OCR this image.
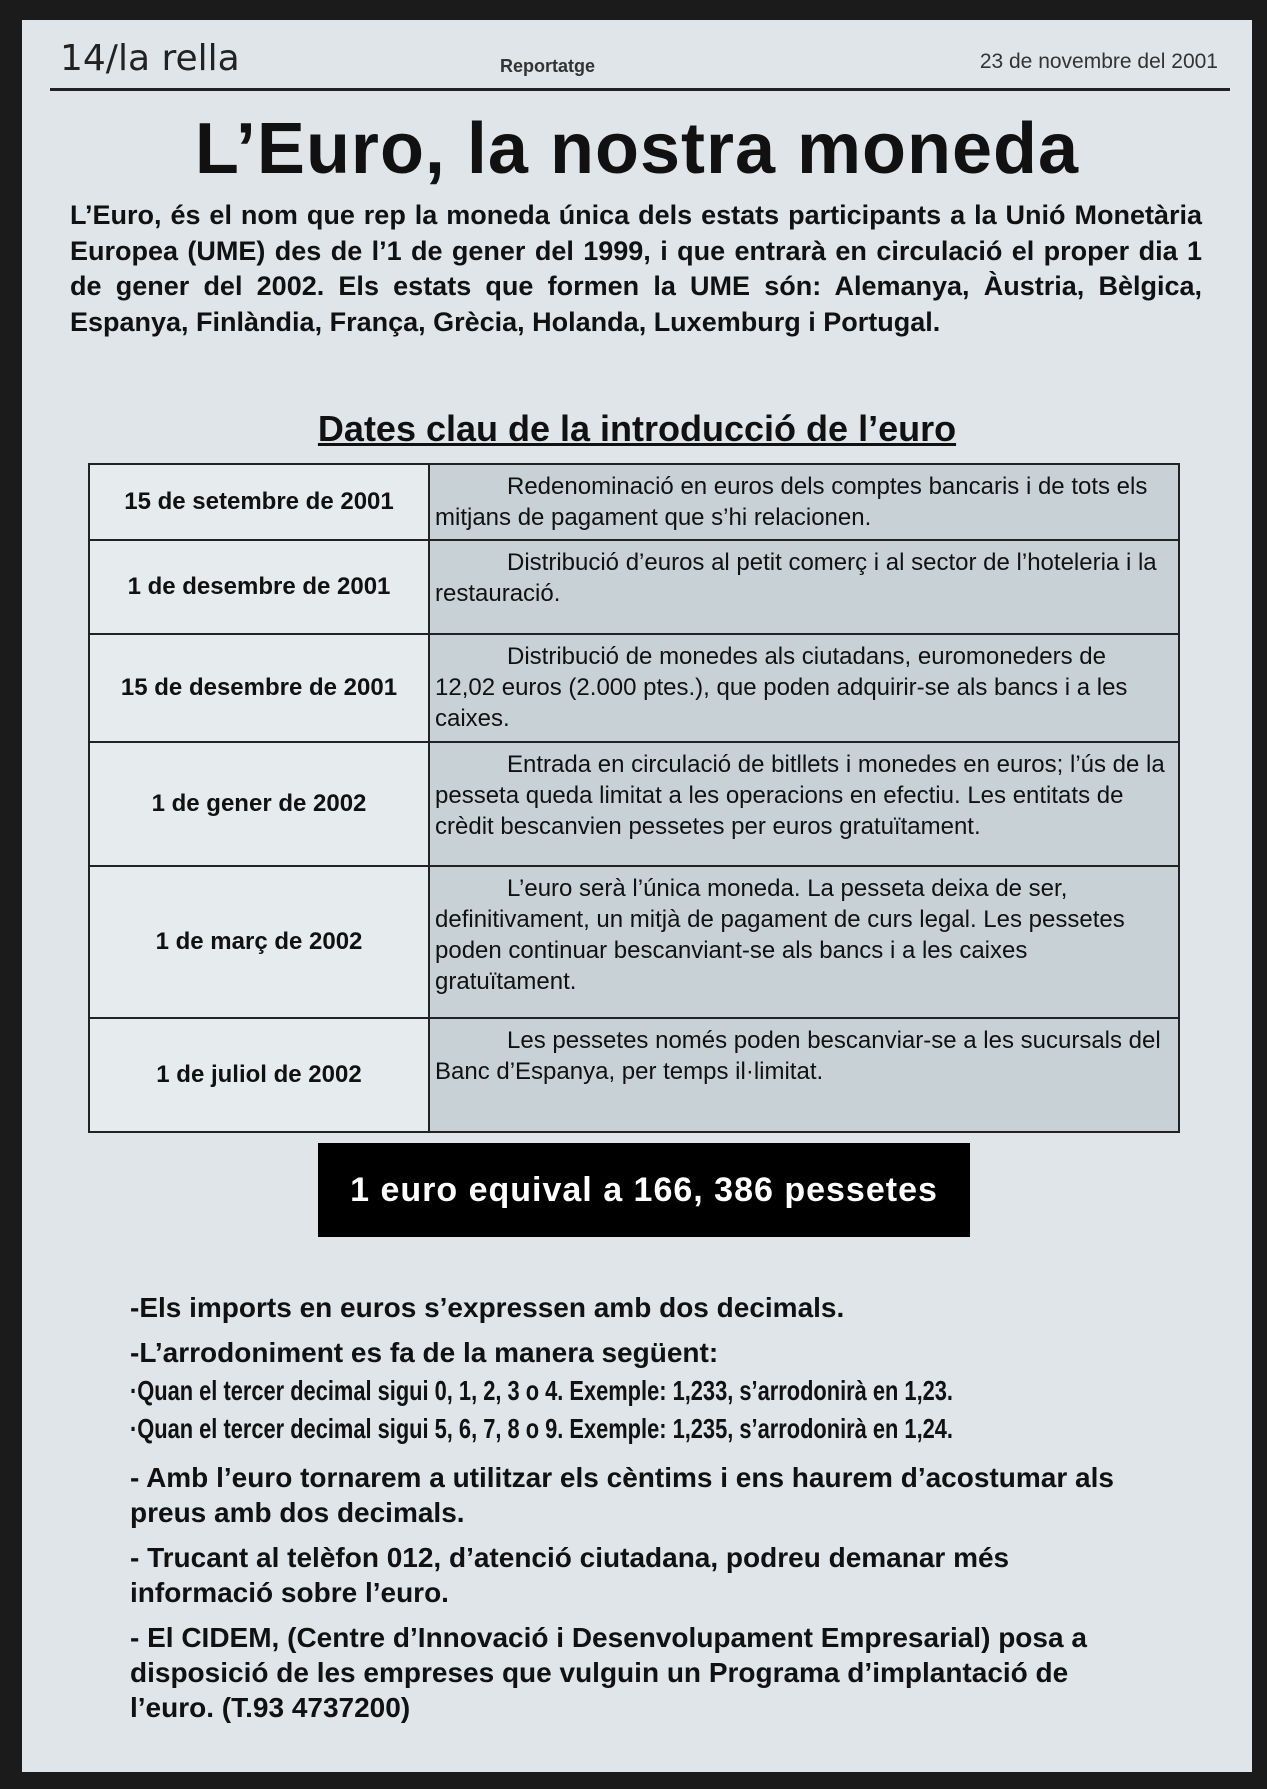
14/la rella	Reportatge	23 de novembre del 2001
L’Euro, la nostra moneda
L’Euro, és el nom que rep la moneda única dels estats participants a la Unió Monetària Europea (UME) des de l’1 de gener del 1999, i que entrarà en circulació el proper dia 1 de gener del 2002. Els estats que formen la UME són: Alemanya, Àustria, Bèlgica, Espanya, Finlàndia, França, Grècia, Holanda, Luxemburg i Portugal.
Dates clau de la introducció de l’euro
15 de setembre de 2001	Redenominació en euros dels comptes bancaris i de tots els mitjans de pagament que s’hi relacionen.

1 de desembre de 2001	Distribució d’euros al petit comerç i al sector de l’hoteleria i la restauració.

15 de desembre de 2001	Distribució de monedes als ciutadans, euromoneders de 12,02 euros (2.000 ptes.), que poden adquirir-se als bancs i a les caixes.

1 de gener de 2002	Entrada en circulació de bitllets i monedes en euros; l’ús de la pesseta queda limitat a les operacions en efectiu. Les entitats de crèdit bescanvien pessetes per euros gratuïtament.

1 de març de 2002	L’euro serà l’única moneda. La pesseta deixa de ser, definitivament, un mitjà de pagament de curs legal. Les pessetes poden continuar bescanviant-se als bancs i a les caixes gratuïtament.

1 de juliol de 2002	Les pessetes només poden bescanviar-se a les sucursals del Banc d’Espanya, per temps il·limitat.
1 euro equival a 166, 386 pessetes
-Els imports en euros s’expressen amb dos decimals.
-L’arrodoniment es fa de la manera següent:
·Quan el tercer decimal sigui 0, 1, 2, 3 o 4. Exemple: 1,233, s’arrodonirà en 1,23.
·Quan el tercer decimal sigui 5, 6, 7, 8 o 9. Exemple: 1,235, s’arrodonirà en 1,24.
- Amb l’euro tornarem a utilitzar els cèntims i ens haurem d’acostumar als preus amb dos decimals.
- Trucant al telèfon 012, d’atenció ciutadana, podreu demanar més informació sobre l’euro.
- El CIDEM, (Centre d’Innovació i Desenvolupament Empresarial) posa a disposició de les empreses que vulguin un Programa d’implantació de l’euro. (T.93 4737200)
